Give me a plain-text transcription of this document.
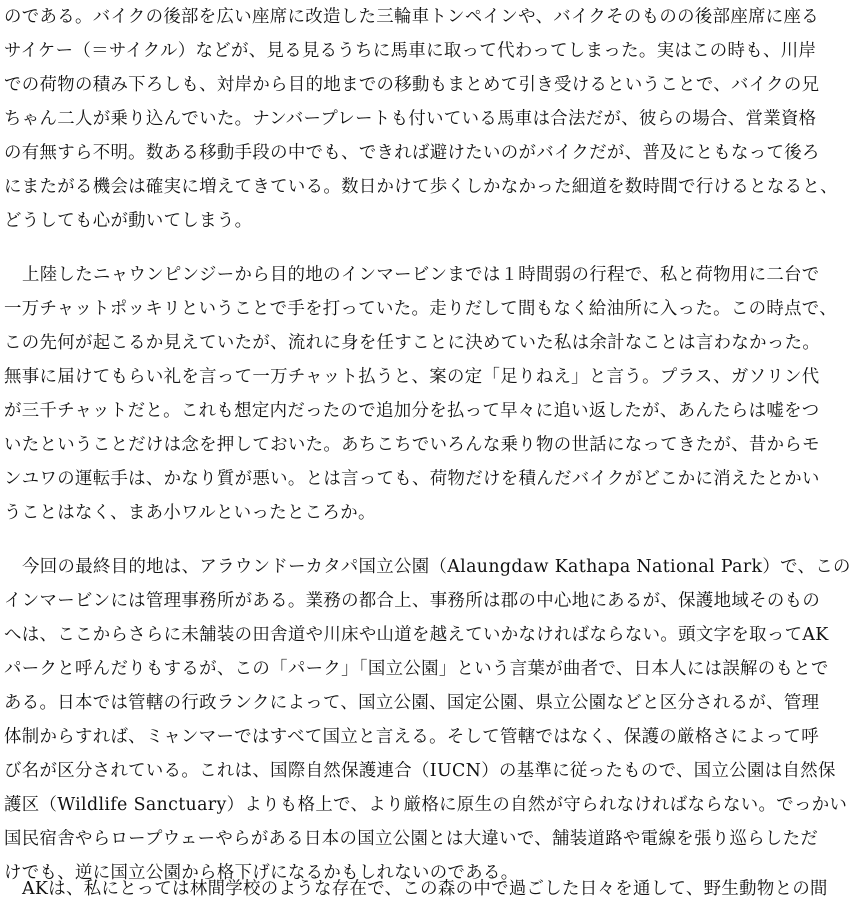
のである。バイクの後部を広い座席に改造した三輪車トンペインや、バイクそのものの後部座席に座る
サイケー（＝サイクル）などが、見る見るうちに馬車に取って代わってしまった。実はこの時も、川岸
での荷物の積み下ろしも、対岸から目的地までの移動もまとめて引き受けるということで、バイクの兄
ちゃん二人が乗り込んでいた。ナンバープレートも付いている馬車は合法だが、彼らの場合、営業資格
の有無すら不明。数ある移動手段の中でも、できれば避けたいのがバイクだが、普及にともなって後ろ
にまたがる機会は確実に増えてきている。数日かけて歩くしかなかった細道を数時間で行けるとなると、
どうしても心が動いてしまう。
上陸したニャウンピンジーから目的地のインマービンまでは１時間弱の行程で、私と荷物用に二台で
一万チャットポッキリということで手を打っていた。走りだして間もなく給油所に入った。この時点で、
この先何が起こるか見えていたが、流れに身を任すことに決めていた私は余計なことは言わなかった。
無事に届けてもらい礼を言って一万チャット払うと、案の定「足りねえ」と言う。プラス、ガソリン代
が三千チャットだと。これも想定内だったので追加分を払って早々に追い返したが、あんたらは嘘をつ
いたということだけは念を押しておいた。あちこちでいろんな乗り物の世話になってきたが、昔からモ
ンユワの運転手は、かなり質が悪い。とは言っても、荷物だけを積んだバイクがどこかに消えたとかい
うことはなく、まあ小ワルといったところか。
今回の最終目的地は、アラウンドーカタパ国立公園（Alaungdaw Kathapa National Park）で、この
インマービンには管理事務所がある。業務の都合上、事務所は郡の中心地にあるが、保護地域そのもの
へは、ここからさらに未舗装の田舎道や川床や山道を越えていかなければならない。頭文字を取ってAK
パークと呼んだりもするが、この「パーク」「国立公園」という言葉が曲者で、日本人には誤解のもとで
ある。日本では管轄の行政ランクによって、国立公園、国定公園、県立公園などと区分されるが、管理
体制からすれば、ミャンマーではすべて国立と言える。そして管轄ではなく、保護の厳格さによって呼
び名が区分されている。これは、国際自然保護連合（IUCN）の基準に従ったもので、国立公園は自然保
護区（Wildlife Sanctuary）よりも格上で、より厳格に原生の自然が守られなければならない。でっかい
国民宿舎やらロープウェーやらがある日本の国立公園とは大違いで、舗装道路や電線を張り巡らしただ
けでも、逆に国立公園から格下げになるかもしれないのである。
AKは、私にとっては林間学校のような存在で、この森の中で過ごした日々を通して、野生動物との間
